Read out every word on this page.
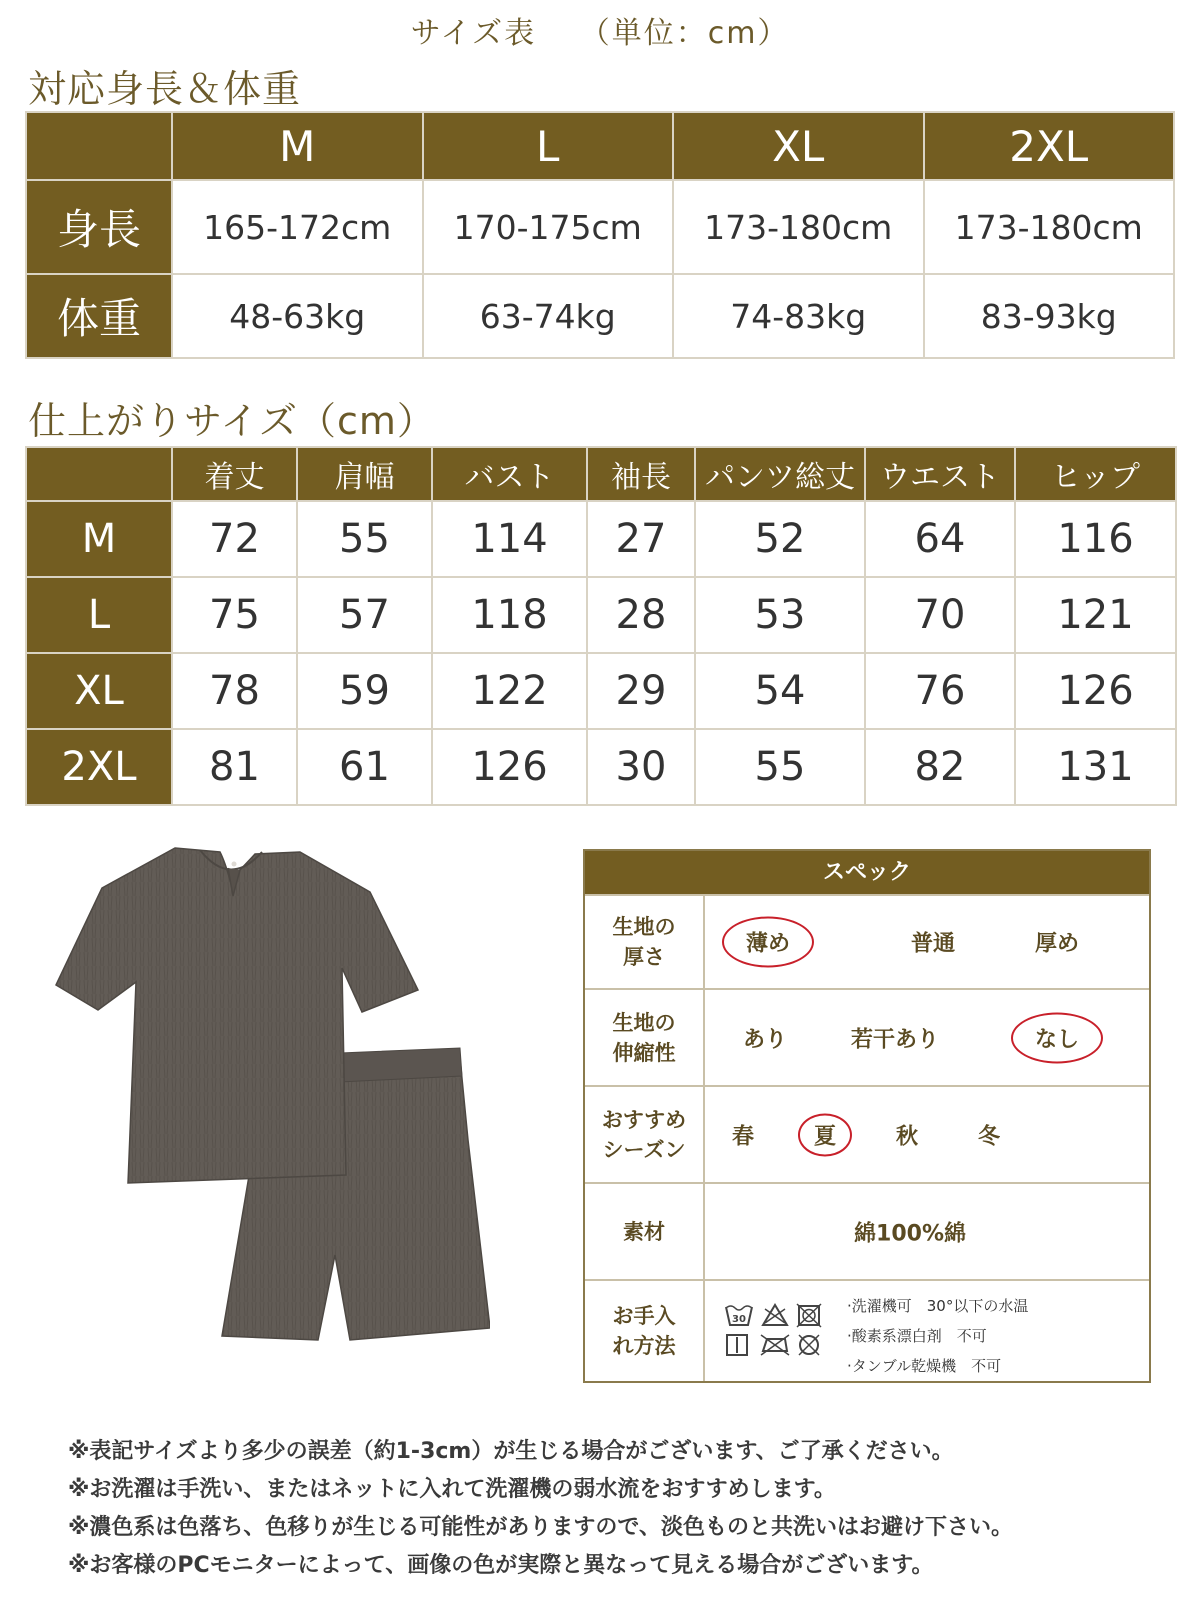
サイズ表　 （単位：cm）
対応身長＆体重
	M	L	XL	2XL
身長	165-172cm	170-175cm	173-180cm	173-180cm
体重	48-63kg	63-74kg	74-83kg	83-93kg
仕上がりサイズ（cm）
	着丈	肩幅	バスト	袖長	パンツ総丈	ウエスト	ヒップ
M	72	55	114	27	52	64	116
L	75	57	118	28	53	70	121
XL	78	59	122	29	54	76	126
2XL	81	61	126	30	55	82	131
スペック
生地の
厚さ
薄め	普通	厚め
生地の
伸縮性
あり	若干あり	なし
おすすめ
シーズン
春	夏	秋	冬
素材	綿100%綿
お手入
れ方法
30
·洗濯機可　30°以下の水温
·酸素系漂白剤　不可
·タンブル乾燥機　不可
※表記サイズより多少の誤差（約1-3cm）が生じる場合がございます、ご了承ください。
※お洗濯は手洗い、またはネットに入れて洗濯機の弱水流をおすすめします。
※濃色系は色落ち、色移りが生じる可能性がありますので、淡色ものと共洗いはお避け下さい。
※お客様のPCモニターによって、画像の色が実際と異なって見える場合がございます。
